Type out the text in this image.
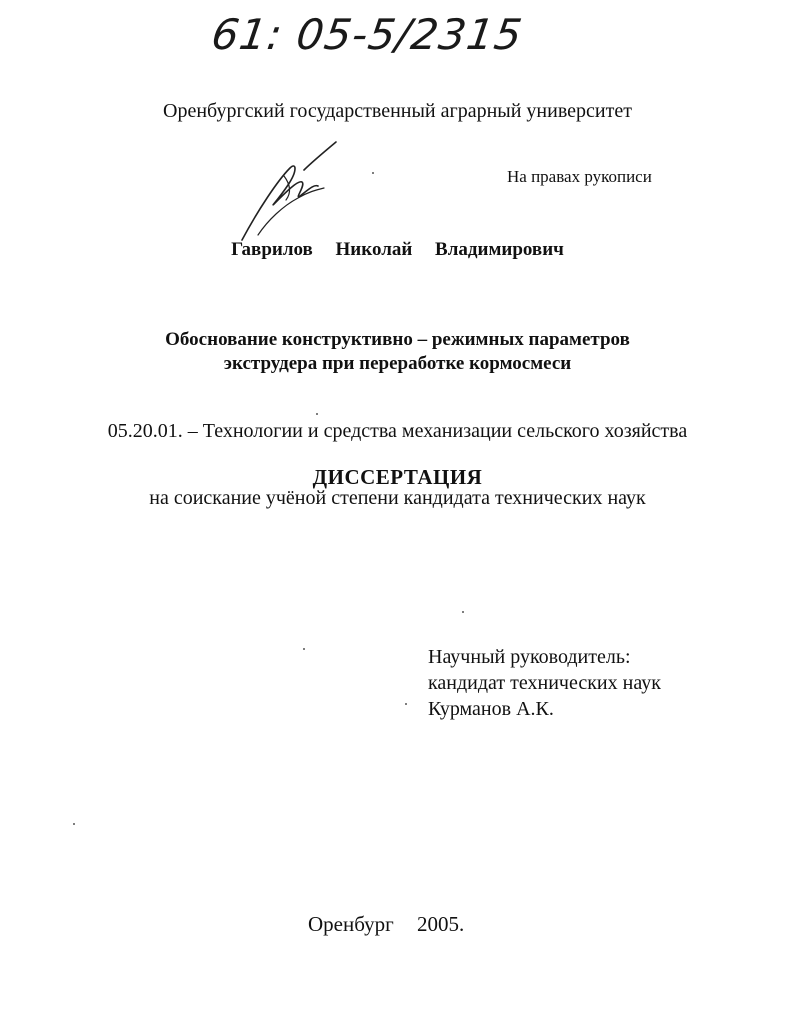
61: 05-5/2315
Оренбургский государственный аграрный университет
На правах рукописи
Гаврилов Николай Владимирович
Обоснование конструктивно – режимных параметров
экструдера при переработке кормосмеси
05.20.01. – Технологии и средства механизации сельского хозяйства
ДИССЕРТАЦИЯ
на соискание учёной степени кандидата технических наук
Научный руководитель:
кандидат технических наук
Курманов А.К.
Оренбург 2005.
